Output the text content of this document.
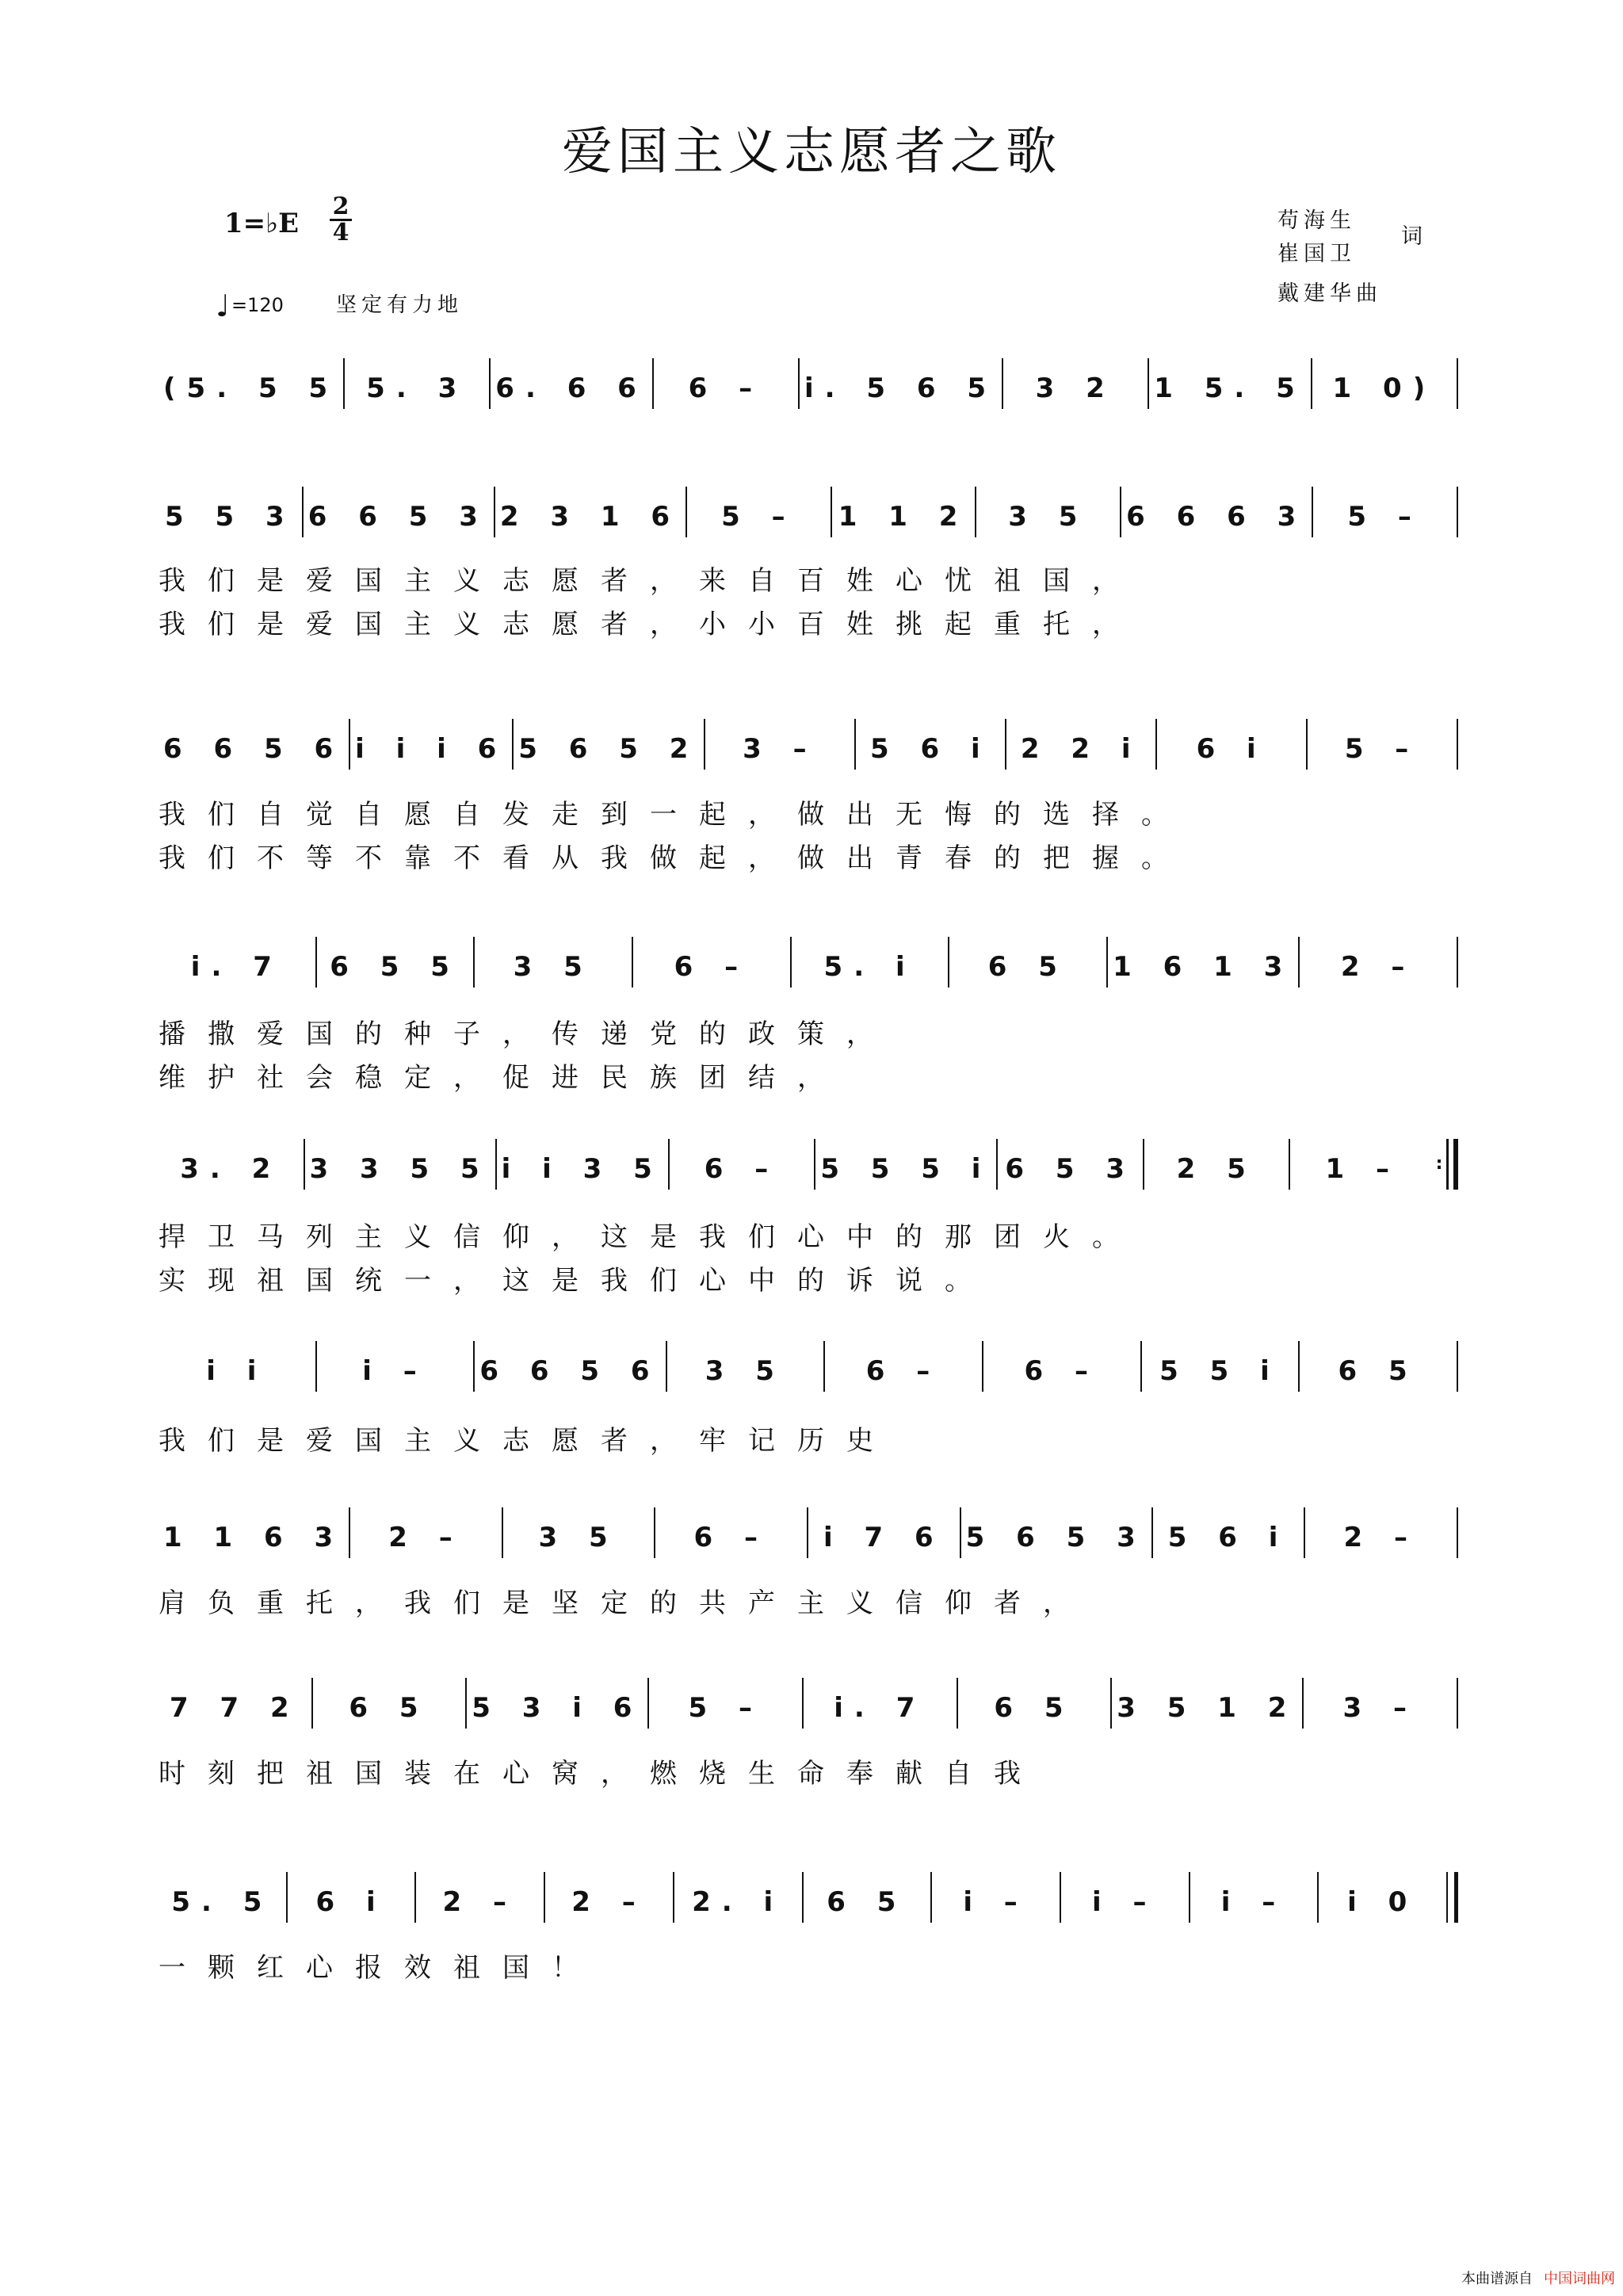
爱国主义志愿者之歌
1=♭E
2
4
♩=120	坚定有力地
苟海生
崔国卫
词
戴建华曲
(5. 5 5 5. 3 6. 6 6 6 – i. 5 6 5 3 2 1 5. 5 1 0)
5 5 3 6 6 5 3 2 3 1 6 5 – 1 1 2 3 5 6 6 6 3 5 –
6 6 5 6 i i i 6 5 6 5 2 3 – 5 6 i 2 2 i 6 i	5 –
i. 7 6 5 5 3 5	6 –	5. i	6 5 1 6 1 3 2 –
3. 2 3 3 5 5 i i 3 5 6 – 5 5 5 i 6 5 3 2 5	1 – :
i i	i – 6 6 5 6 3 5	6 –	6 – 5 5 i 6 5
1 1 6 3 2 –	3 5	6 – i 7 6 5 6 5 3 5 6 i 2 –
7 7 2 6 5 5 3 i 6 5 –	i. 7	6 5 3 5 1 2 3 –
5. 5 6 i 2 – 2 – 2. i 6 5 i – i – i – i 0
我们是爱国主义志愿者，来自百姓心忧祖国，
我们是爱国主义志愿者，小小百姓挑起重托，
我们自觉自愿自发走到一起，做出无悔的选择。
我们不等不靠不看从我做起，做出青春的把握。
播撒爱国的种子，传递党的政策，
维护社会稳定，促进民族团结，
捍卫马列主义信仰，这是我们心中的那团火。
实现祖国统一，这是我们心中的诉说。
我们是爱国主义志愿者，牢记历史
肩负重托，我们是坚定的共产主义信仰者，
时刻把祖国装在心窝，燃烧生命奉献自我
一颗红心报效祖国！
本曲谱源自 中国词曲网
